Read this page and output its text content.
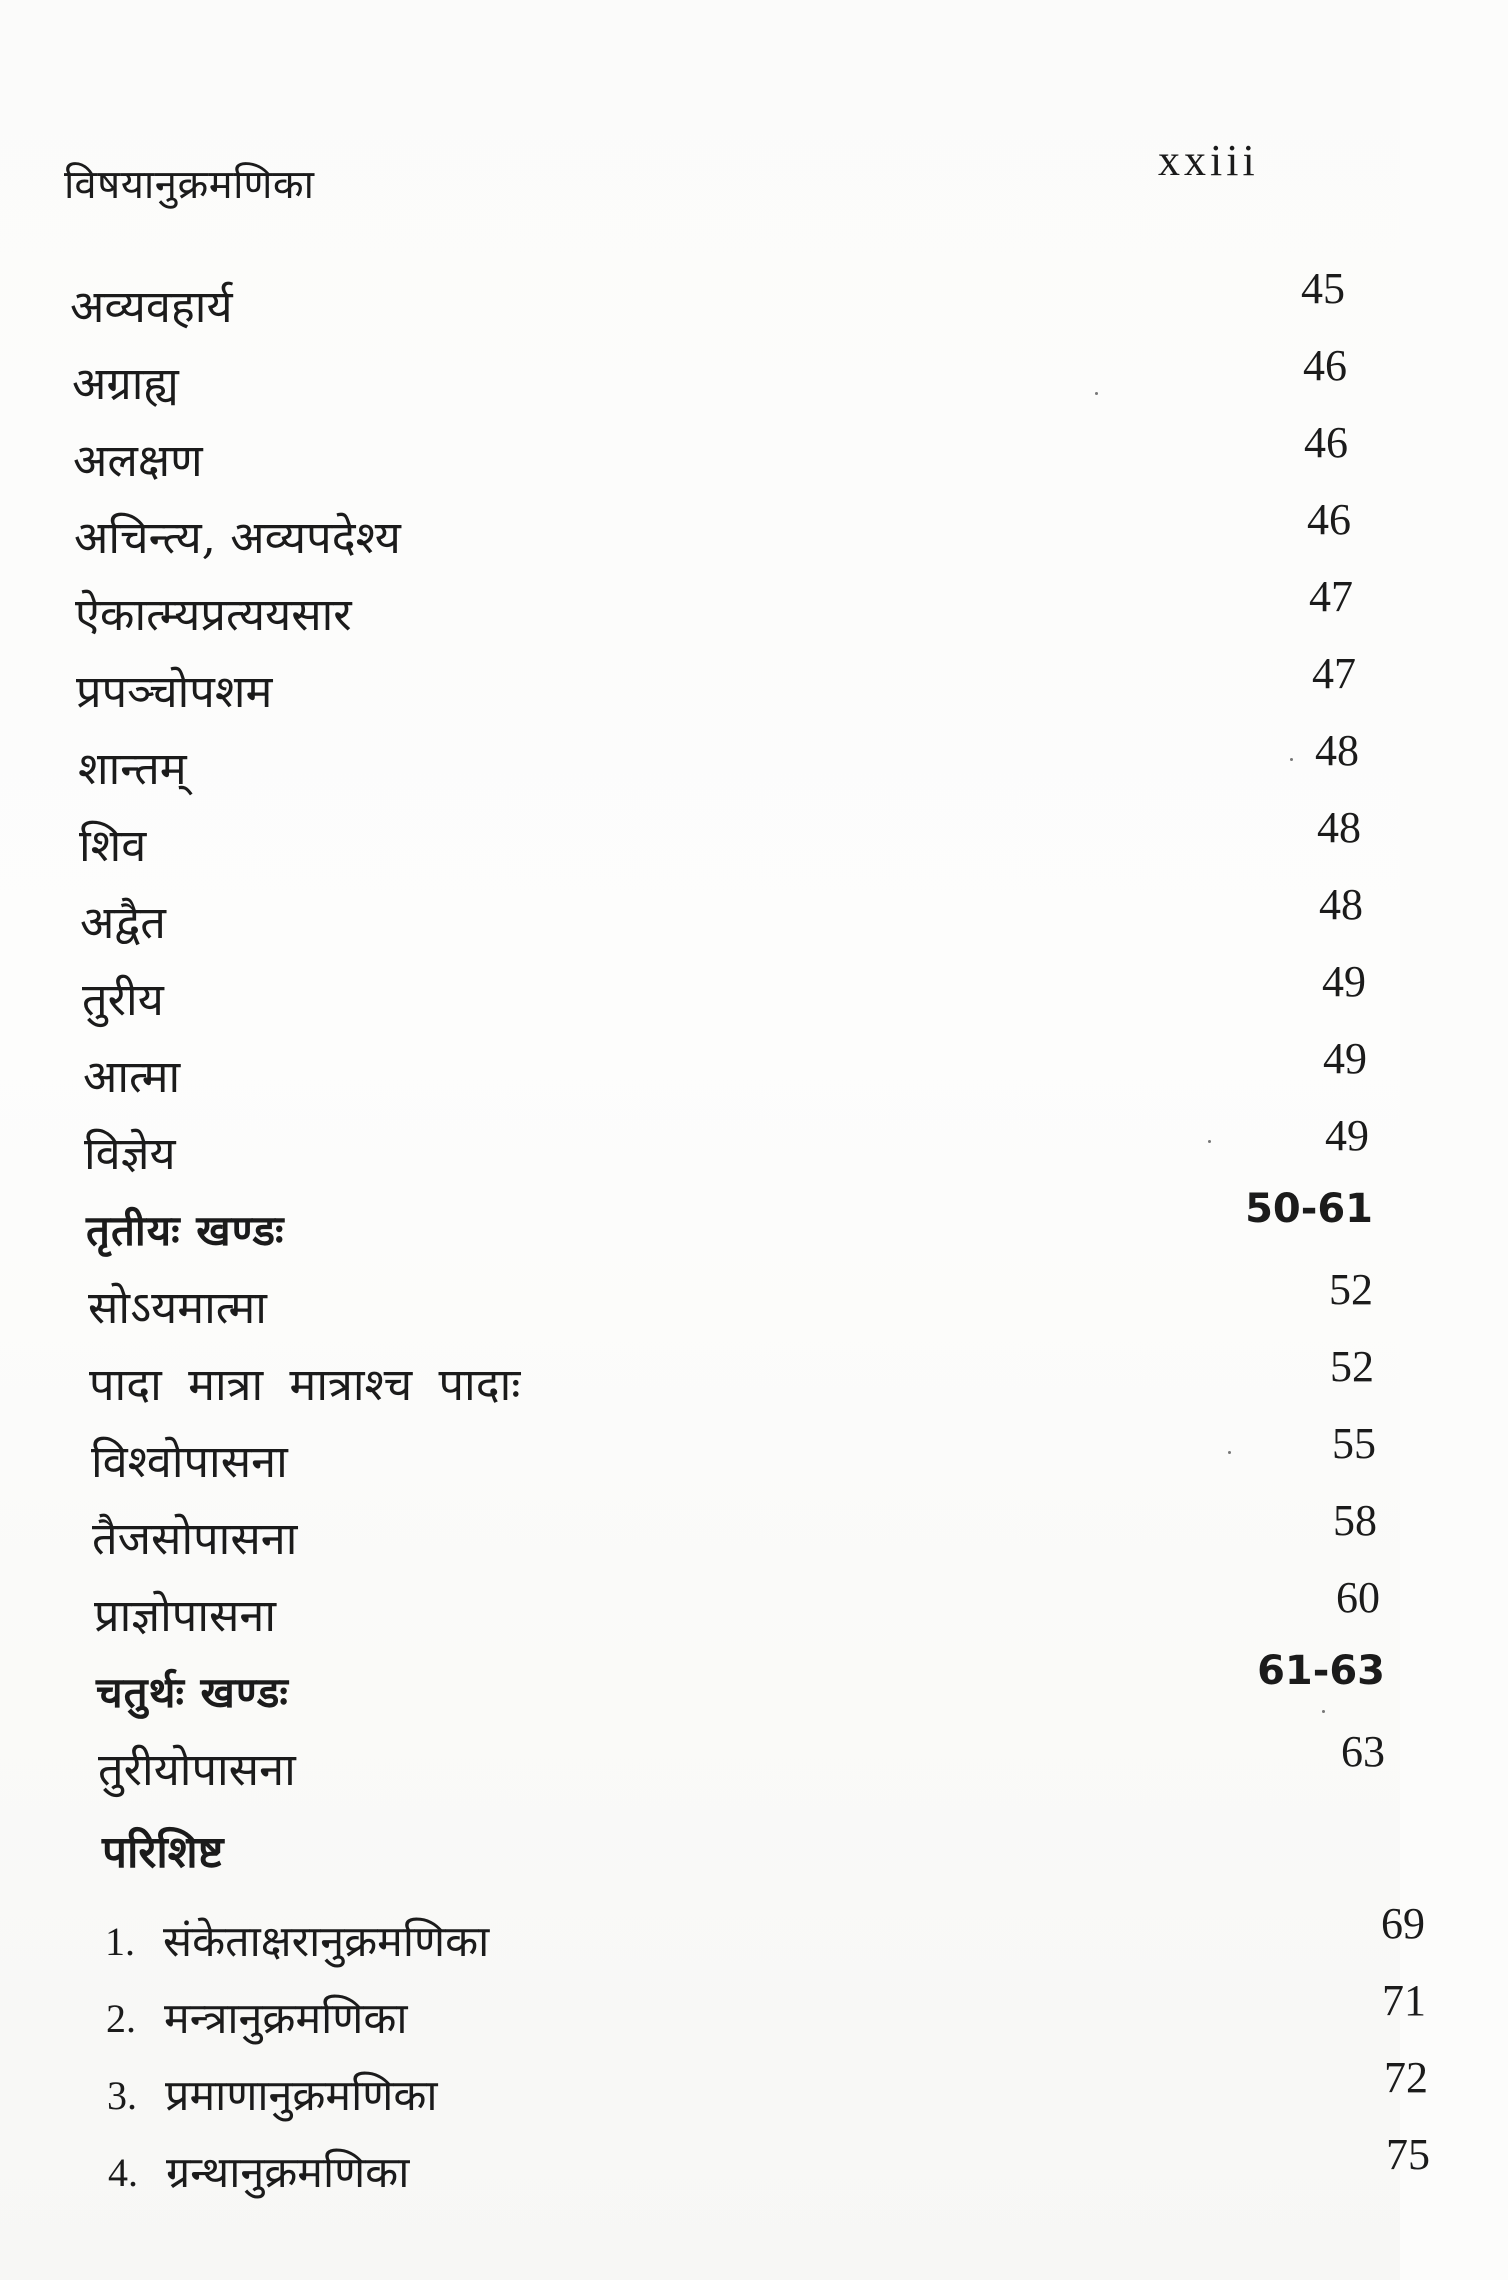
विषयानुक्रमणिका	xxiii
अव्यवहार्य	45
अग्राह्य	46
अलक्षण	46
अचिन्त्य, अव्यपदेश्य	46
ऐकात्म्यप्रत्ययसार	47
प्रपञ्चोपशम	47
शान्तम्	48
शिव	48
अद्वैत	48
तुरीय	49
आत्मा	49
विज्ञेय	49
तृतीयः खण्डः	50-61
सोऽयमात्मा	52
पादा मात्रा मात्राश्च पादाः	52
विश्वोपासना	55
तैजसोपासना	58
प्राज्ञोपासना	60
चतुर्थः खण्डः	61-63
तुरीयोपासना	63
1. संकेताक्षरानुक्रमणिका	69
2. मन्त्रानुक्रमणिका	71
3. प्रमाणानुक्रमणिका	72
4. ग्रन्थानुक्रमणिका	75
परिशिष्ट
